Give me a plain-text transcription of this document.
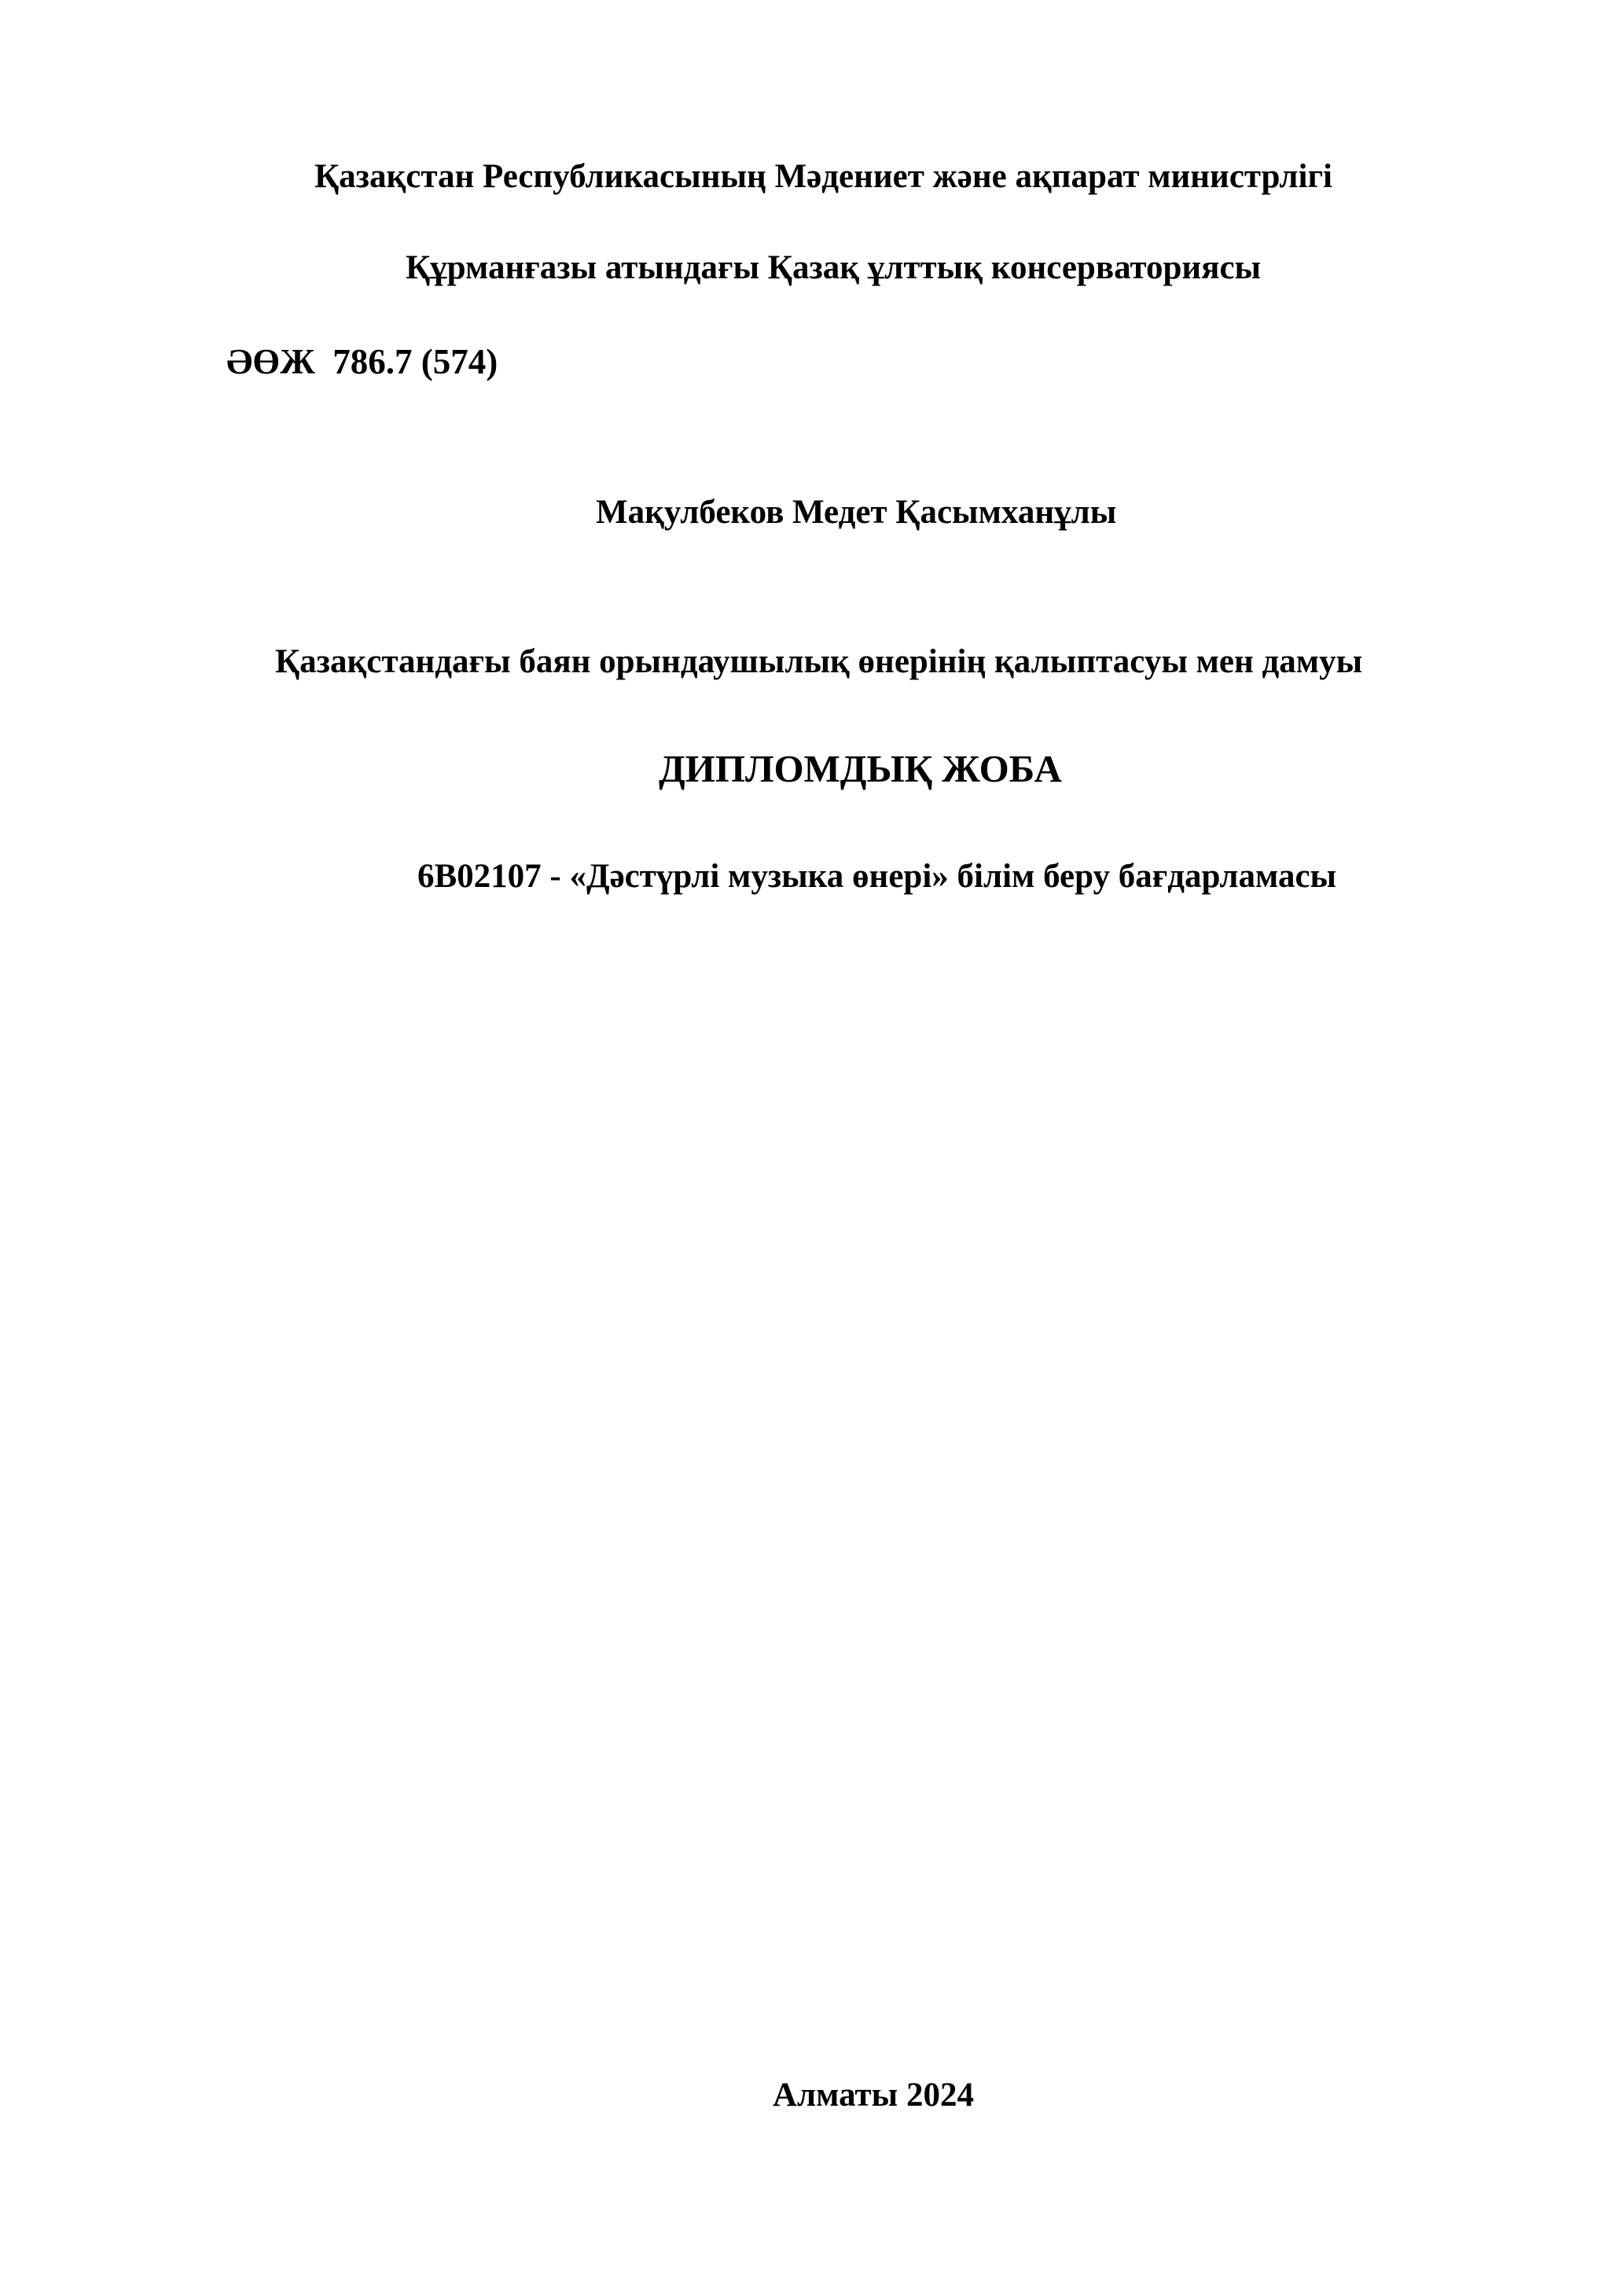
Қазақстан Республикасының Мәдениет және ақпарат министрлігі
Құрманғазы атындағы Қазақ ұлттық консерваториясы
ӘӨЖ  786.7 (574)
Мақулбеков Медет Қасымханұлы
Қазақстандағы баян орындаушылық өнерінің қалыптасуы мен дамуы
ДИПЛОМДЫҚ ЖОБА
6B02107 - «Дәстүрлі музыка өнері» білім беру бағдарламасы
Алматы 2024
